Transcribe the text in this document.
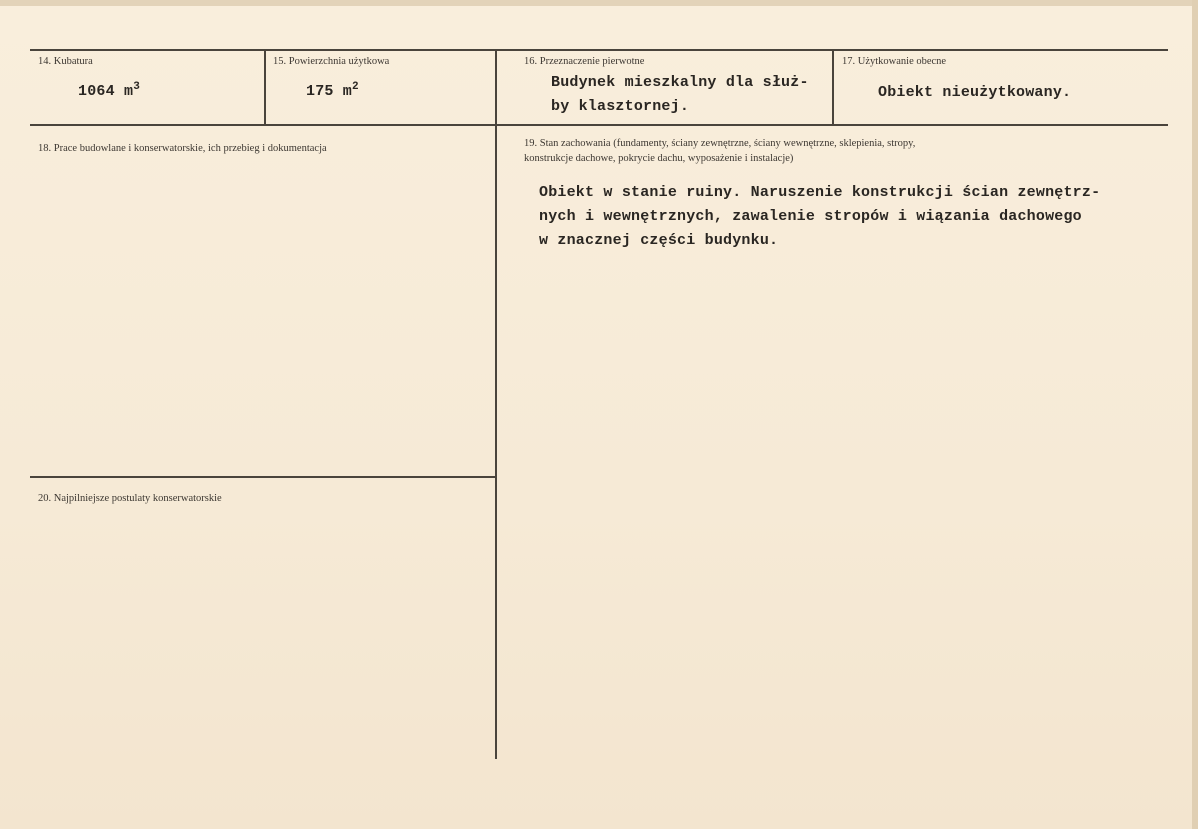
14. Kubatura
1064 $m^3$
15. Powierzchnia użytkowa
175 $m^2$
16. Przeznaczenie pierwotne
Budynek mieszkalny dla służ-
by klasztornej.
17. Użytkowanie obecne
Obiekt nieużytkowany.
18. Prace budowlane i konserwatorskie, ich przebieg i dokumentacja	19. Stan zachowania (fundamenty, ściany zewnętrzne, ściany wewnętrzne, sklepienia, stropy,
konstrukcje dachowe, pokrycie dachu, wyposażenie i instalacje)
Obiekt w stanie ruiny. Naruszenie konstrukcji ścian zewnętrz-
nych i wewnętrznych, zawalenie stropów i wiązania dachowego
w znacznej części budynku.
20. Najpilniejsze postulaty konserwatorskie
